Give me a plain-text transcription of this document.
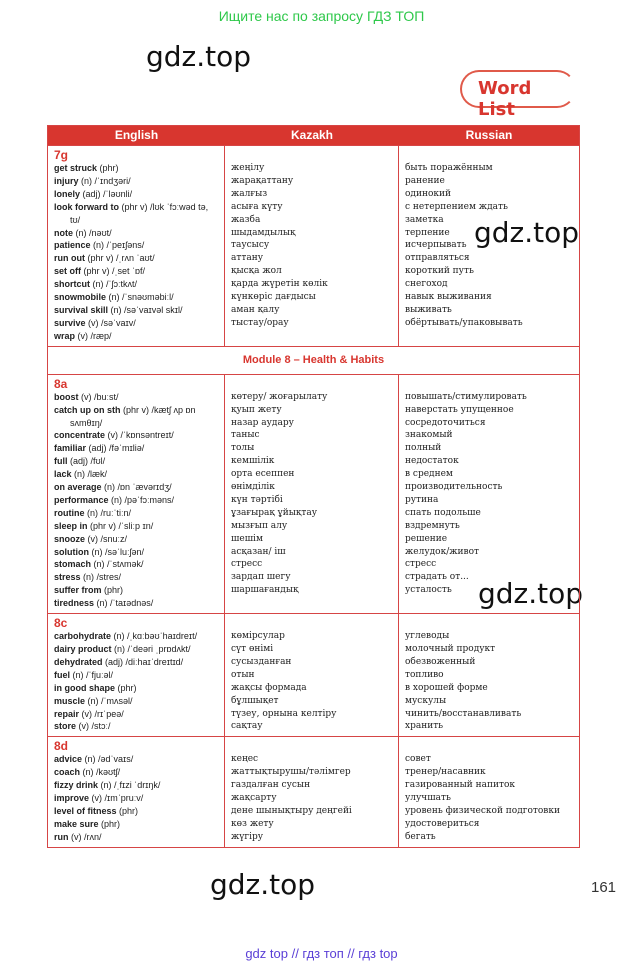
Ищите нас по запросу ГДЗ ТОП
gdz.top
gdz.top
gdz.top
gdz.top
Word List
English	Kazakh	Russian
7g
get struck (phr)
injury (n) /ˈɪndʒəri/
lonely (adj) /ˈləʊnli/
look forward to (phr v) /lʊk ˈfɔːwəd tə,
tʊ/
note (n) /nəʊt/
patience (n) /ˈpeɪʃəns/
run out (phr v) /ˌrʌn ˈaʊt/
set off (phr v) /ˌset ˈɒf/
shortcut (n) /ˈʃɔːtkʌt/
snowmobile (n) /ˈsnəʊməbiːl/
survival skill (n) /səˈvaɪvəl skɪl/
survive (v) /səˈvaɪv/
wrap (v) /ræp/
жеңілу
жарақаттану
жалғыз
асыға күту
жазба
шыдамдылық
таусысу
аттану
қысқа жол
қарда жүретін көлік
күнкөріс дағдысы
аман қалу
тыстау/орау
быть поражённым
ранение
одинокий
с нетерпением ждать
заметка
терпение
исчерпывать
отправляться
короткий путь
снегоход
навык выживания
выживать
обёртывать/упаковывать
Module 8 – Health & Habits
8a
boost (v) /buːst/
catch up on sth (phr v) /kætʃ ʌp ɒn
sʌmθɪŋ/
concentrate (v) /ˈkɒnsəntreɪt/
familiar (adj) /fəˈmɪliə/
full (adj) /fʊl/
lack (n) /læk/
on average (n) /ɒn ˈævərɪdʒ/
performance (n) /pəˈfɔːməns/
routine (n) /ruːˈtiːn/
sleep in (phr v) /ˈsliːp ɪn/
snooze (v) /snuːz/
solution (n) /səˈluːʃən/
stomach (n) /ˈstʌmək/
stress (n) /stres/
suffer from (phr)
tiredness (n) /ˈtaɪədnəs/
көтеру/ жоғарылату
қуып жету
назар аудару
таныс
толы
кемшілік
орта есеппен
өнімділік
күн тәртібі
ұзағырақ ұйықтау
мызғып алу
шешім
асқазан/ іш
стресс
зардап шегу
шаршағандық
повышать/стимулировать
наверстать упущенное
сосредоточиться
знакомый
полный
недостаток
в среднем
производительность
рутина
спать подольше
вздремнуть
решение
желудок/живот
стресс
страдать от...
усталость
8c
carbohydrate (n) /ˌkɑːbəʊˈhaɪdreɪt/
dairy product (n) /ˈdeəri ˌprɒdʌkt/
dehydrated (adj) /diːhaɪˈdreɪtɪd/
fuel (n) /ˈfjuːəl/
in good shape (phr)
muscle (n) /ˈmʌsəl/
repair (v) /rɪˈpeə/
store (v) /stɔː/
көмірсулар
сүт өнімі
сусызданған
отын
жақсы формада
бұлшықет
түзеу, орнына келтіру
сақтау
углеводы
молочный продукт
обезвоженный
топливо
в хорошей форме
мускулы
чинить/восстанавливать
хранить
8d
advice (n) /ədˈvaɪs/
coach (n) /kəʊtʃ/
fizzy drink (n) /ˌfɪzi ˈdrɪŋk/
improve (v) /ɪmˈpruːv/
level of fitness (phr)
make sure (phr)
run (v) /rʌn/
кеңес
жаттықтырушы/тәлімгер
газдалған сусын
жақсарту
дене шынықтыру деңгейі
көз жету
жүгіру
совет
тренер/насавник
газированный напиток
улучшать
уровень физической подготовки
удостовериться
бегать
161
gdz top // гдз топ // гдз top
